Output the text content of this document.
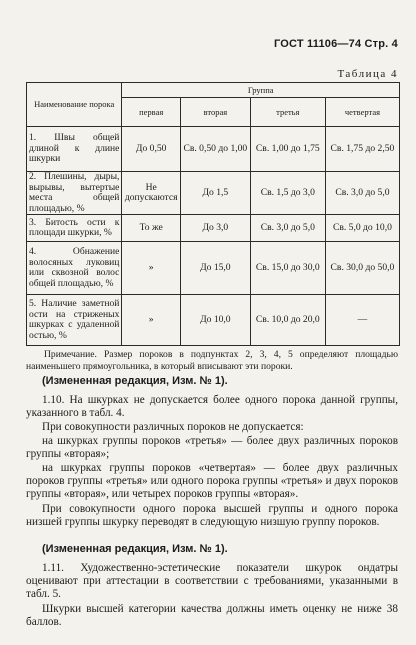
ГОСТ 11106—74 Стр. 4
Таблица 4
Наименование порока	Группа			
	первая	вторая	третья	четвертая
1. Швы общей длиной к длине шкурки	До 0,50	Св. 0,50 до 1,00	Св. 1,00 до 1,75	Св. 1,75 до 2,50
2. Плешины, дыры, вырывы, вытертые места общей площадью, %	Не допускаются	До 1,5	Св. 1,5 до 3,0	Св. 3,0 до 5,0
3. Битость ости к площади шкурки, %	То же	До 3,0	Св. 3,0 до 5,0	Св. 5,0 до 10,0
4. Обнажение волосяных луковиц или сквозной волос общей площадью, %	»	До 15,0	Св. 15,0 до 30,0	Св. 30,0 до 50,0
5. Наличие заметной ости на стриженых шкурках с удаленной остью, %	»	До 10,0	Св. 10,0 до 20,0	—
Примечание. Размер пороков в подпунктах 2, 3, 4, 5 определяют площадью наименьшего прямоугольника, в который вписывают эти пороки.
(Измененная редакция, Изм. № 1).
1.10. На шкурках не допускается более одного порока данной группы, указанного в табл. 4.
При совокупности различных пороков не допускается:
на шкурках группы пороков «третья» — более двух различных пороков группы «вторая»;
на шкурках группы пороков «четвертая» — более двух различных пороков группы «третья» или одного порока группы «третья» и двух пороков группы «вторая», или четырех пороков группы «вторая».
При совокупности одного порока высшей группы и одного порока низшей группы шкурку переводят в следующую низшую группу пороков.
(Измененная редакция, Изм. № 1).
1.11. Художественно-эстетические показатели шкурок ондатры оценивают при аттестации в соответствии с требованиями, указанными в табл. 5.
Шкурки высшей категории качества должны иметь оценку не ниже 38 баллов.
